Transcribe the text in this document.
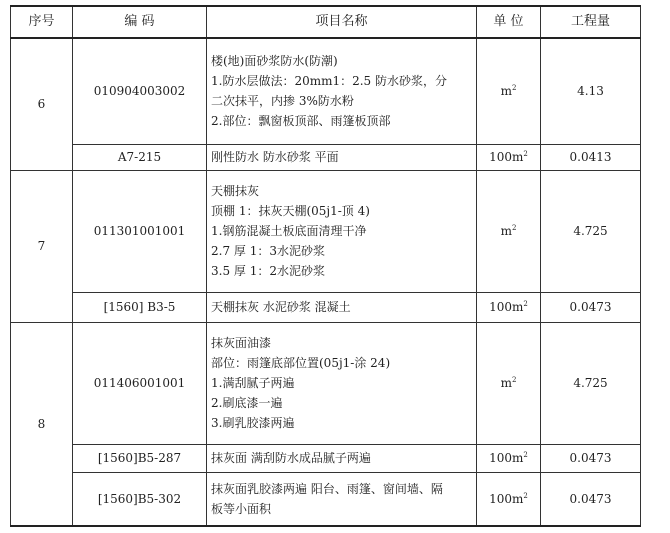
序号	编 码	项目名称	单 位	工程量
6	010904003002	楼(地)面砂浆防水(防潮)
1.防水层做法：20mm1：2.5 防水砂浆，分
二次抹平，内掺 3%防水粉
2.部位：飘窗板顶部、雨篷板顶部	$m^2$	4.13
	A7-215	刚性防水 防水砂浆 平面	$100m^2$	0.0413
7	011301001001	天棚抹灰
顶棚 1：抹灰天棚(05j1-顶 4)
1.钢筋混凝土板底面清理干净
2.7 厚 1：3水泥砂浆
3.5 厚 1：2水泥砂浆	$m^2$	4.725
	[1560] B3-5	天棚抹灰 水泥砂浆 混凝土	$100m^2$	0.0473
8	011406001001	抹灰面油漆
部位：雨篷底部位置(05j1-涂 24)
1.满刮腻子两遍
2.刷底漆一遍
3.刷乳胶漆两遍	$m^2$	4.725
	[1560]B5-287	抹灰面 满刮防水成品腻子两遍	$100m^2$	0.0473
	[1560]B5-302	抹灰面乳胶漆两遍 阳台、雨篷、窗间墙、隔
板等小面积	$100m^2$	0.0473
